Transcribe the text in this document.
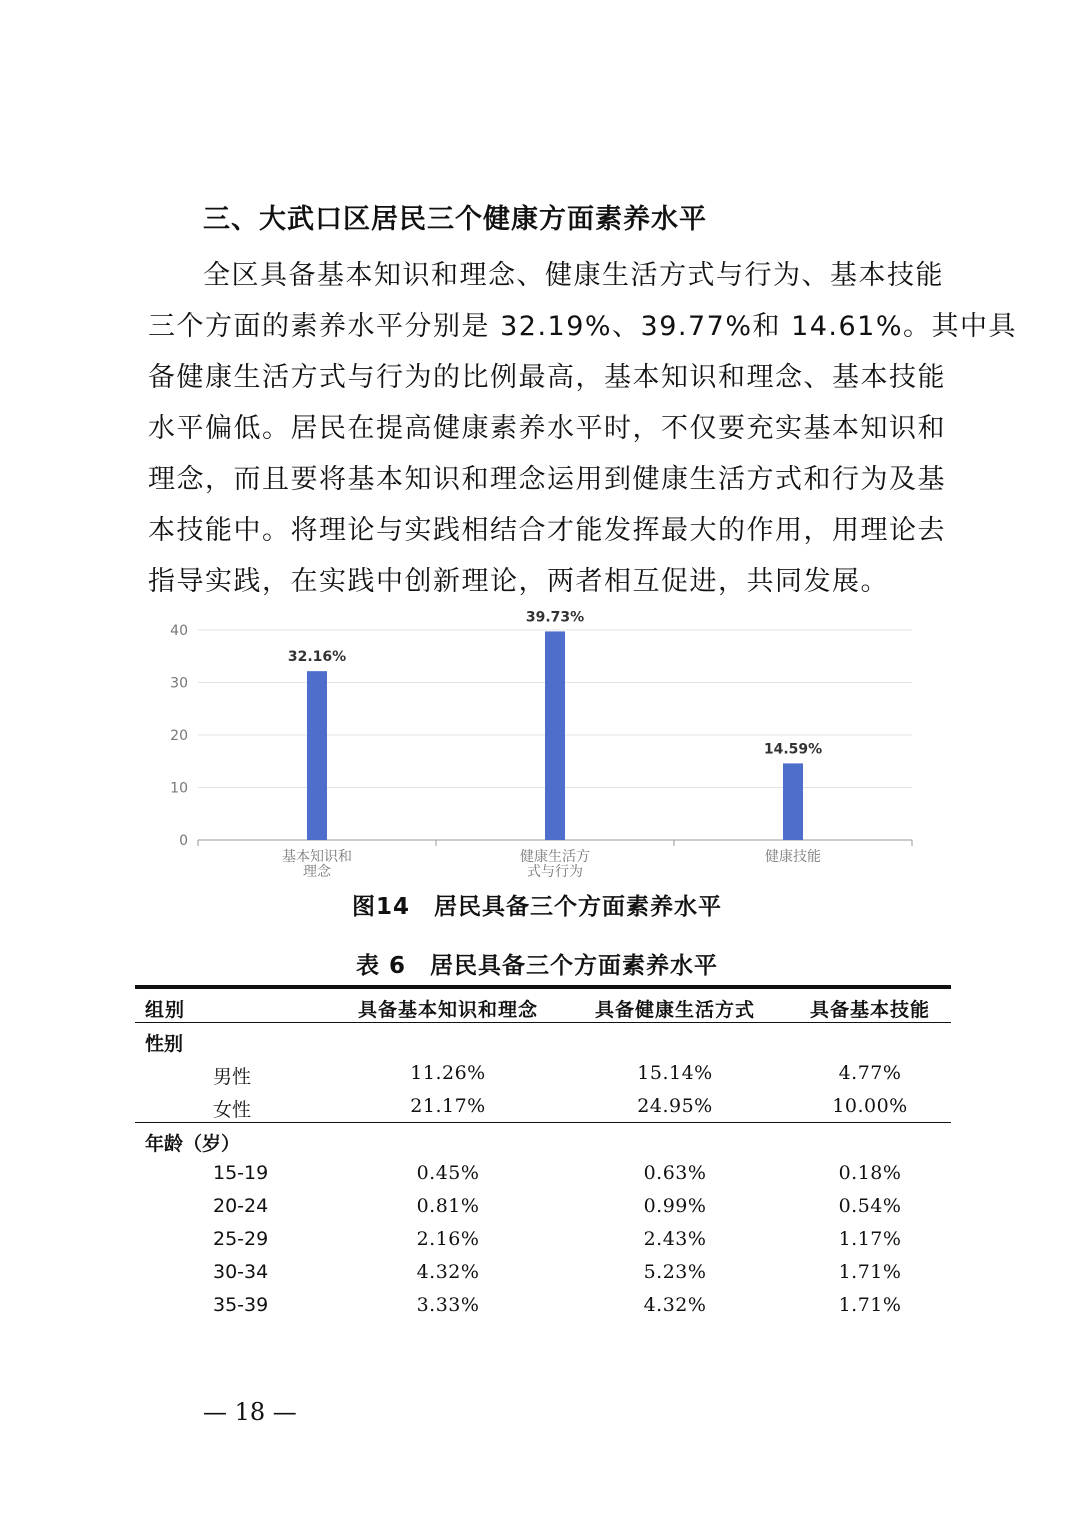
三、大武口区居民三个健康方面素养水平
全区具备基本知识和理念、健康生活方式与行为、基本技能
三个方面的素养水平分别是 32.19%、39.77%和 14.61%。其中具
备健康生活方式与行为的比例最高，基本知识和理念、基本技能
水平偏低。居民在提高健康素养水平时，不仅要充实基本知识和
理念，而且要将基本知识和理念运用到健康生活方式和行为及基
本技能中。将理论与实践相结合才能发挥最大的作用，用理论去
指导实践，在实践中创新理论，两者相互促进，共同发展。
0
10
20
30
40
32.16%
基本知识和
理念
39.73%
健康生活方
式与行为
14.59%
健康技能
图14　居民具备三个方面素养水平
表 6　居民具备三个方面素养水平
组别	具备基本知识和理念	具备健康生活方式	具备基本技能
性别
男性	11.26%	15.14%	4.77%
女性	21.17%	24.95%	10.00%
年龄（岁）
15-19	0.45%	0.63%	0.18%
20-24	0.81%	0.99%	0.54%
25-29	2.16%	2.43%	1.17%
30-34	4.32%	5.23%	1.71%
35-39	3.33%	4.32%	1.71%
— 18 —
